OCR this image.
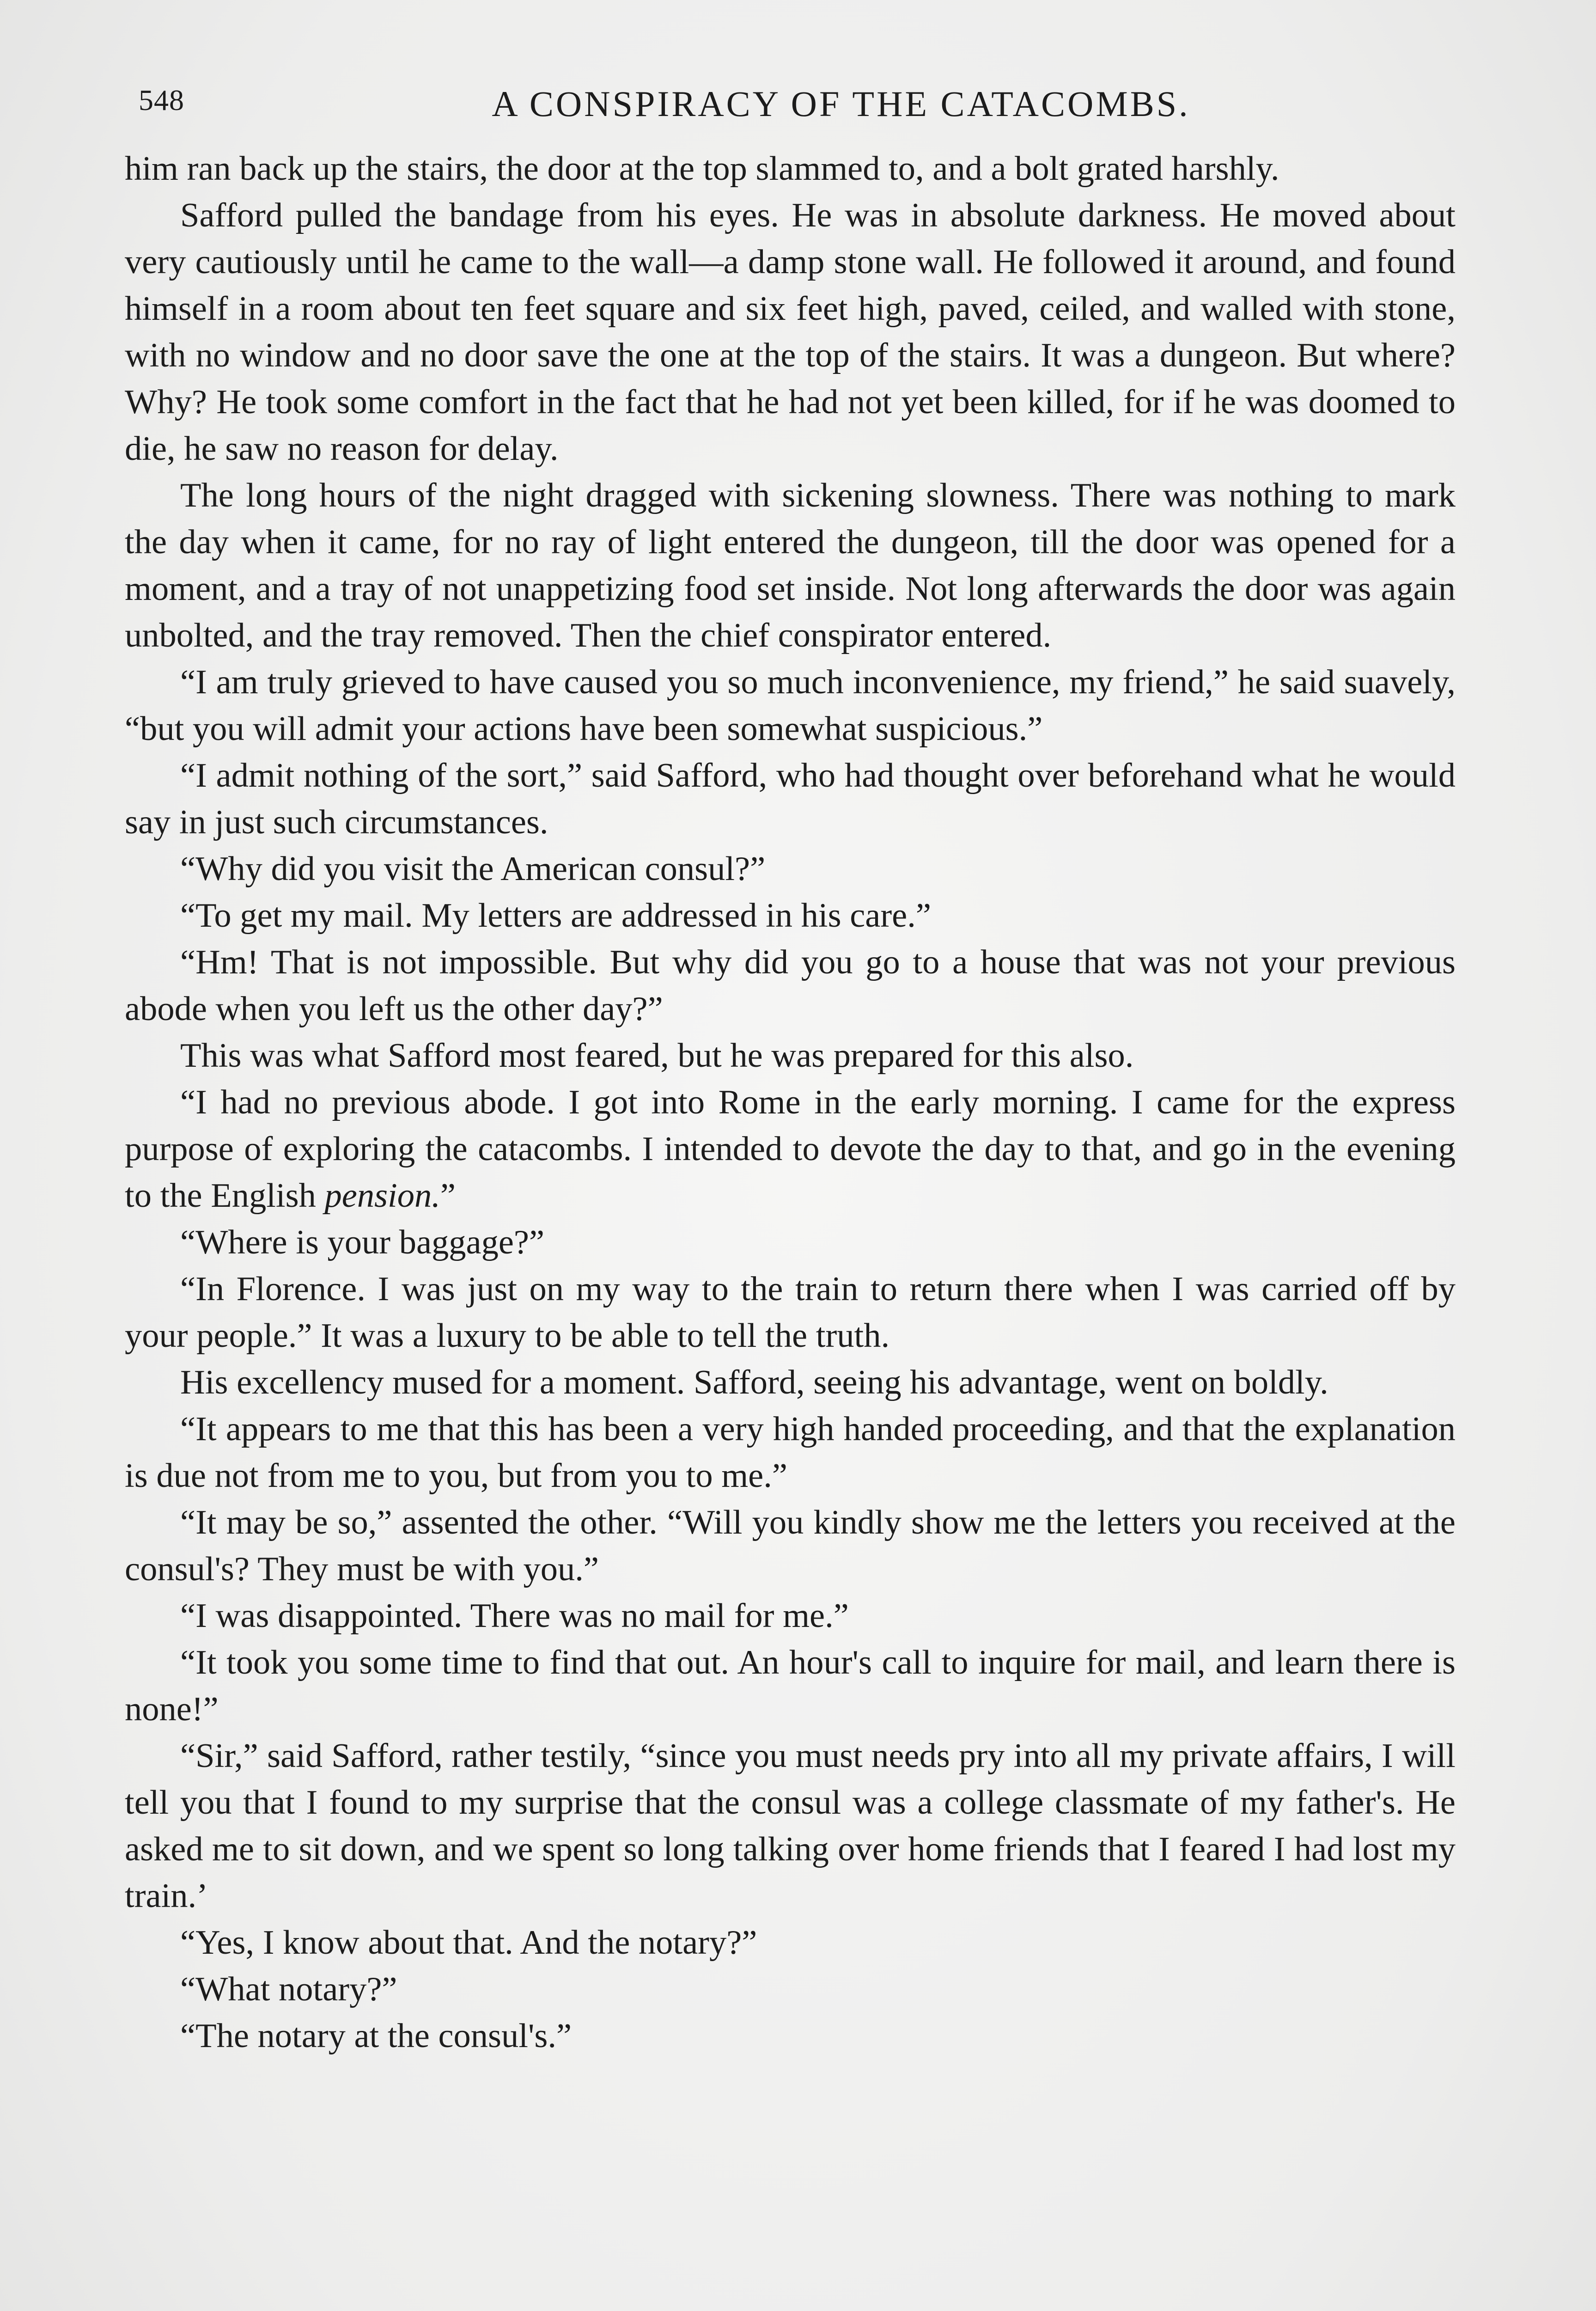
548	A CONSPIRACY OF THE CATACOMBS.

him ran back up the stairs, the door at the top slammed to, and a bolt grated harshly.

Safford pulled the bandage from his eyes. He was in absolute darkness. He moved about very cautiously until he came to the wall—a damp stone wall. He followed it around, and found himself in a room about ten feet square and six feet high, paved, ceiled, and walled with stone, with no window and no door save the one at the top of the stairs. It was a dungeon. But where? Why? He took some comfort in the fact that he had not yet been killed, for if he was doomed to die, he saw no reason for delay.

The long hours of the night dragged with sickening slowness. There was nothing to mark the day when it came, for no ray of light entered the dungeon, till the door was opened for a moment, and a tray of not unappetizing food set inside. Not long afterwards the door was again unbolted, and the tray removed. Then the chief conspirator entered.

“I am truly grieved to have caused you so much inconvenience, my friend,” he said suavely, “but you will admit your actions have been somewhat suspicious.”

“I admit nothing of the sort,” said Safford, who had thought over beforehand what he would say in just such circumstances.

“Why did you visit the American consul?”

“To get my mail. My letters are addressed in his care.”

“Hm! That is not impossible. But why did you go to a house that was not your previous abode when you left us the other day?”

This was what Safford most feared, but he was prepared for this also.

“I had no previous abode. I got into Rome in the early morning. I came for the express purpose of exploring the catacombs. I intended to devote the day to that, and go in the evening to the English pension.”

“Where is your baggage?”

“In Florence. I was just on my way to the train to return there when I was carried off by your people.” It was a luxury to be able to tell the truth.

His excellency mused for a moment. Safford, seeing his advantage, went on boldly.

“It appears to me that this has been a very high handed proceeding, and that the explanation is due not from me to you, but from you to me.”

“It may be so,” assented the other. “Will you kindly show me the letters you received at the consul's? They must be with you.”

“I was disappointed. There was no mail for me.”

“It took you some time to find that out. An hour's call to inquire for mail, and learn there is none!”

“Sir,” said Safford, rather testily, “since you must needs pry into all my private affairs, I will tell you that I found to my surprise that the consul was a college classmate of my father's. He asked me to sit down, and we spent so long talking over home friends that I feared I had lost my train.’

“Yes, I know about that. And the notary?”

“What notary?”

“The notary at the consul's.”
